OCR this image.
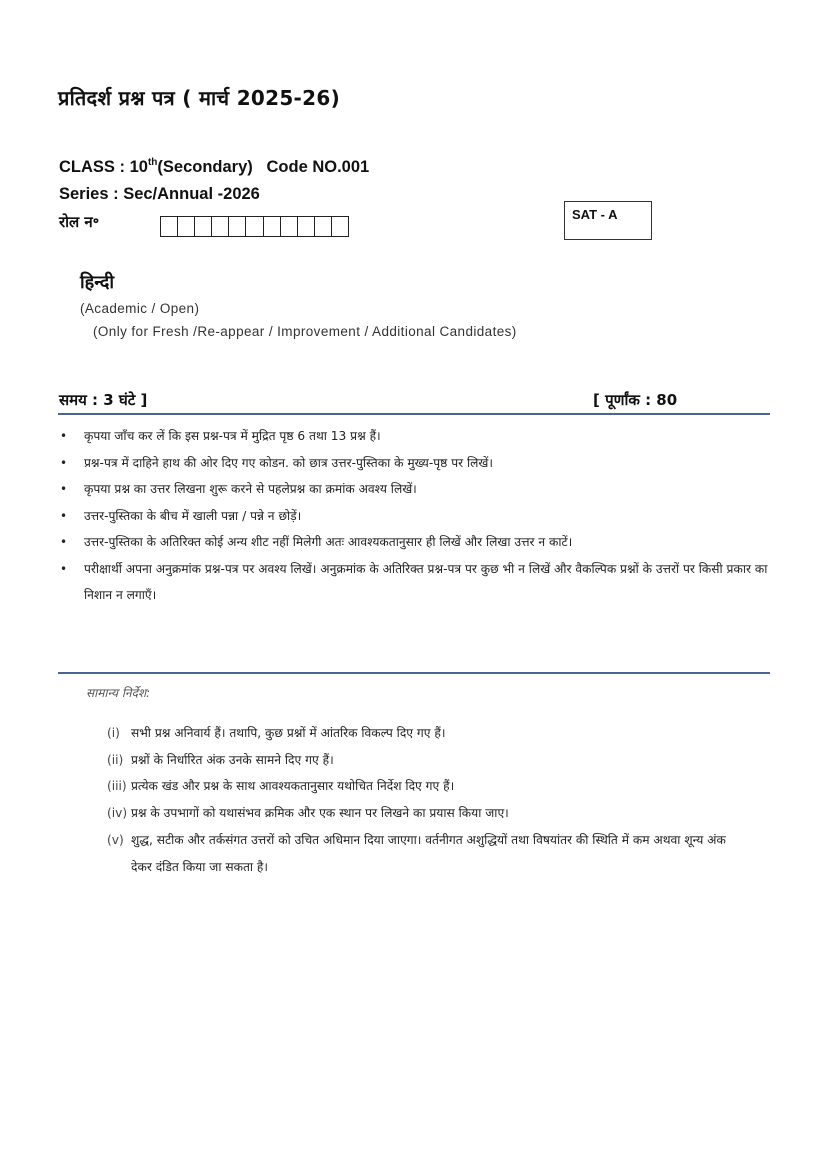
प्रतिदर्श प्रश्न पत्र ( मार्च 2025-26)
CLASS : 10th(Secondary) Code NO.001
Series : Sec/Annual -2026
रोल न॰	SAT - A
हिन्दी
(Academic / Open)
(Only for Fresh /Re-appear / Improvement / Additional Candidates)
समय : 3 घंटे ]	[ पूर्णांक : 80
• कृपया जाँच कर लें कि इस प्रश्न-पत्र में मुद्रित पृष्ठ 6 तथा 13 प्रश्न हैं।
• प्रश्न-पत्र में दाहिने हाथ की ओर दिए गए कोडन. को छात्र उत्तर-पुस्तिका के मुख्य-पृष्ठ पर लिखें।
• कृपया प्रश्न का उत्तर लिखना शुरू करने से पहलेप्रश्न का क्रमांक अवश्य लिखें।
• उत्तर-पुस्तिका के बीच में खाली पन्ना / पन्ने न छोड़ें।
• उत्तर-पुस्तिका के अतिरिक्त कोई अन्य शीट नहीं मिलेगी अतः आवश्यकतानुसार ही लिखें और लिखा उत्तर न काटें।
• परीक्षार्थी अपना अनुक्रमांक प्रश्न-पत्र पर अवश्य लिखें। अनुक्रमांक के अतिरिक्त प्रश्न-पत्र पर कुछ भी न लिखें और वैकल्पिक प्रश्नों के उत्तरों पर किसी प्रकार का निशान न लगाएँ।
सामान्य निर्देश:
(i) सभी प्रश्न अनिवार्य हैं। तथापि, कुछ प्रश्नों में आंतरिक विकल्प दिए गए हैं।
(ii) प्रश्नों के निर्धारित अंक उनके सामने दिए गए हैं।
(iii) प्रत्येक खंड और प्रश्न के साथ आवश्यकतानुसार यथोचित निर्देश दिए गए हैं।
(iv) प्रश्न के उपभागों को यथासंभव क्रमिक और एक स्थान पर लिखने का प्रयास किया जाए।
(v) शुद्ध, सटीक और तर्कसंगत उत्तरों को उचित अधिमान दिया जाएगा। वर्तनीगत अशुद्धियों तथा विषयांतर की स्थिति में कम अथवा शून्य अंक देकर दंडित किया जा सकता है।
